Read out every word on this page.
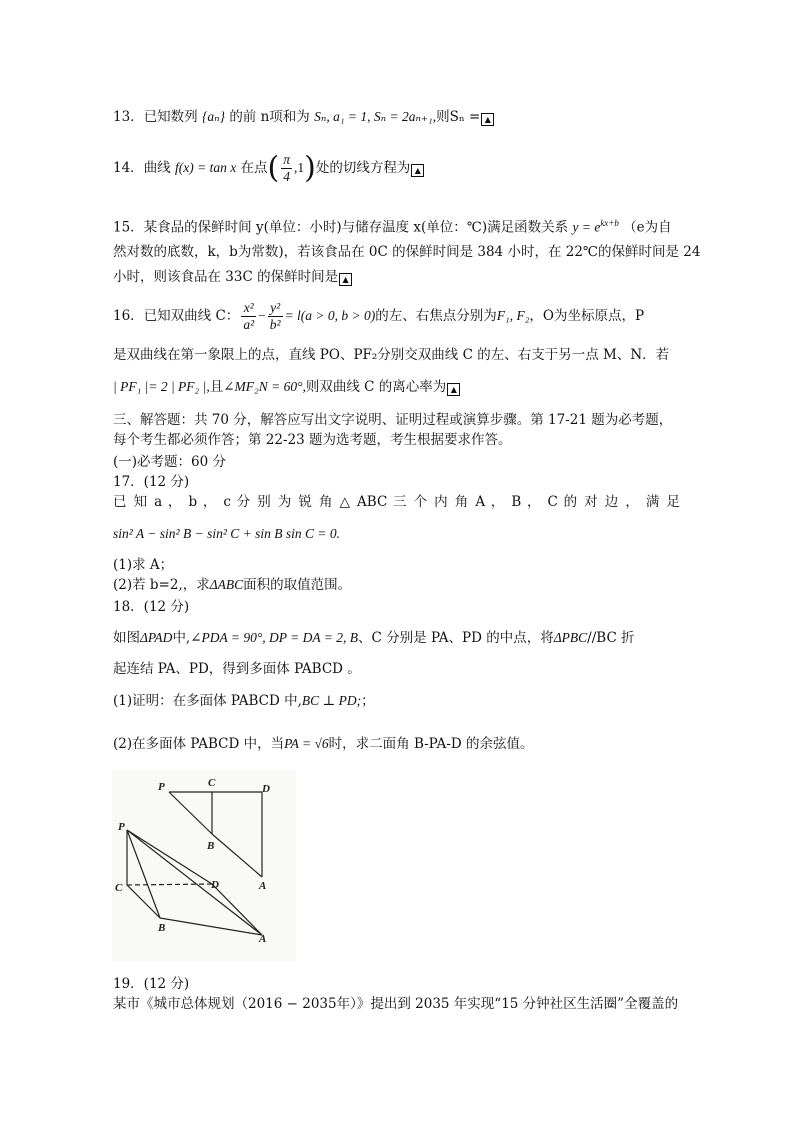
13．已知数列 {aₙ} 的前 n项和为 Sₙ, a₁ = 1, Sₙ = 2aₙ₊₁,则Sₙ = ▲
14．曲线 f(x) = tan x 在点( $\frac{\pi}{4} ,1$)处的切线方程为 ▲
15．某食品的保鲜时间 y(单位：小时)与储存温度 x(单位：℃)满足函数关系 $y = e^{kx+b}$ （e为自
然对数的底数，k，b为常数)，若该食品在 0C 的保鲜时间是 384 小时，在 22℃的保鲜时间是 24
小时，则该食品在 33C 的保鲜时间是 ▲
16．已知双曲线 C： $\frac{\text{x²}}{\text{a²}} - \frac{\text{y²}}{\text{b²}} = l(a > 0$, b > 0)的左、右焦点分别为F₁, F₂，O为坐标原点，P
是双曲线在第一象限上的点，直线 PO、PF₂分别交双曲线 C 的左、右支于另一点 M、N．若
| PF₁ |= 2 | PF₂ |,且∠MF₂N = 60°,则双曲线 C 的离心率为 ▲
三、解答题：共 70 分，解答应写出文字说明、证明过程或演算步骤。第 17-21 题为必考题，
每个考生都必须作答；第 22-23 题为选考题，考生根据要求作答。
(一)必考题：60 分
17．(12 分)
已 知 a ， b ， c 分 别 为 锐 角 △ ABC 三 个 内 角 A ， B ， C 的 对 边 ， 满 足
sin² A − sin² B − sin² C + sin B sin C = 0.
(1)求 A；
(2)若 b=2,，求ΔABC面积的取值范围。
18．(12 分)
如图ΔPAD中,∠PDA = 90°, DP = DA = 2, B、C 分别是 PA、PD 的中点，将ΔPBC//BC 折
起连结 PA、PD，得到多面体 PABCD 。
(1)证明：在多面体 PABCD 中,BC ⊥ PD;；
(2)在多面体 PABCD 中，当PA = √6时，求二面角 B-PA-D 的余弦值。
P	C	D
B
A
P
C	D
B
A
19．(12 分)
某市《城市总体规划（2016 − 2035年）》提出到 2035 年实现“15 分钟社区生活圈”全覆盖的
